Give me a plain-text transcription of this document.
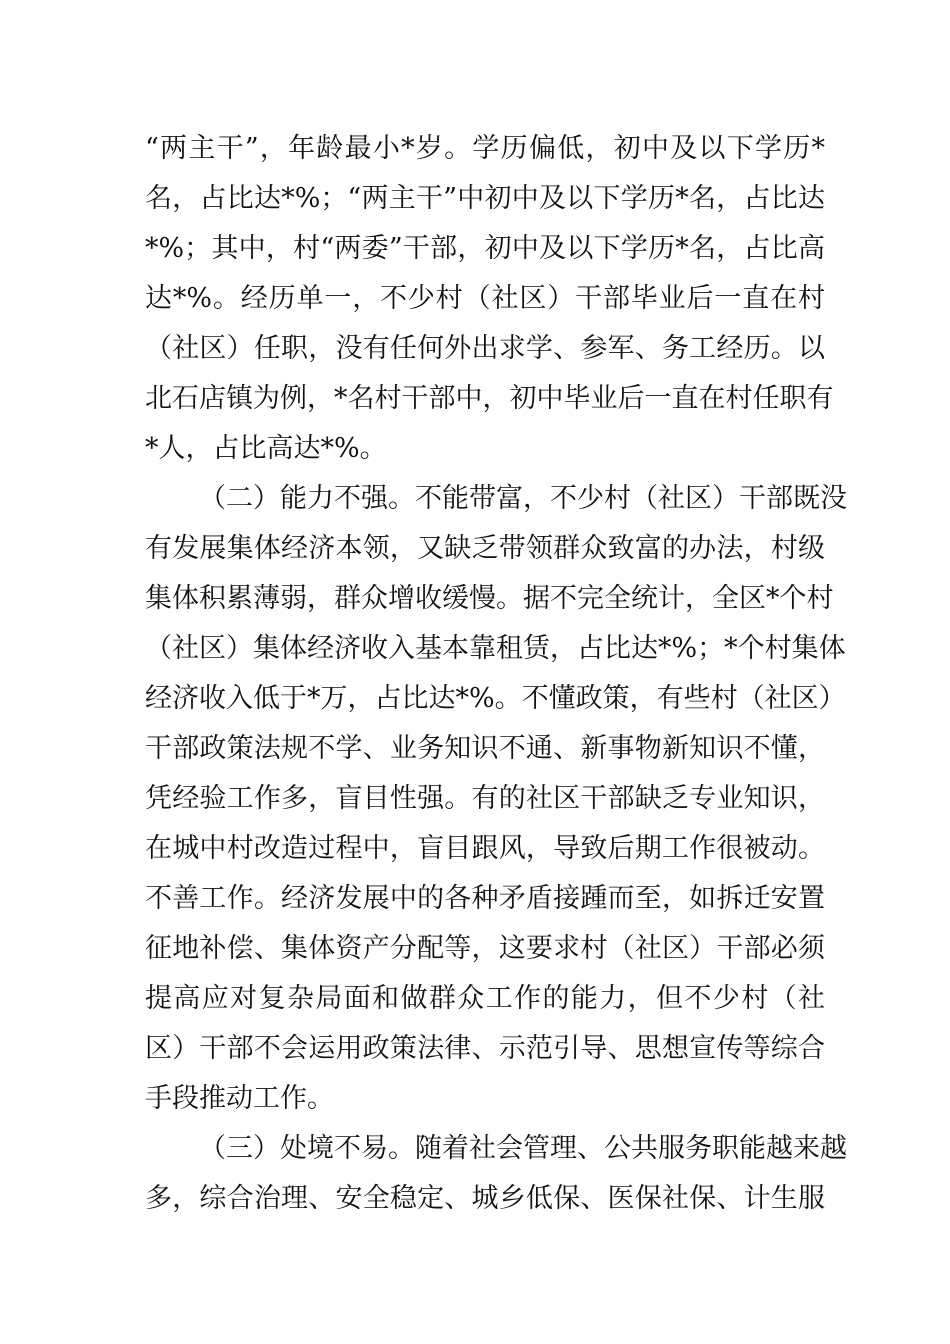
“两主干”，年龄最小*岁。学历偏低，初中及以下学历*
名，占比达*%；“两主干”中初中及以下学历*名，占比达
*%；其中，村“两委”干部，初中及以下学历*名，占比高
达*%。经历单一，不少村（社区）干部毕业后一直在村
（社区）任职，没有任何外出求学、参军、务工经历。以
北石店镇为例，*名村干部中，初中毕业后一直在村任职有
*人，占比高达*%。
（二）能力不强。不能带富，不少村（社区）干部既没
有发展集体经济本领，又缺乏带领群众致富的办法，村级
集体积累薄弱，群众增收缓慢。据不完全统计，全区*个村
（社区）集体经济收入基本靠租赁，占比达*%；*个村集体
经济收入低于*万，占比达*%。不懂政策，有些村（社区）
干部政策法规不学、业务知识不通、新事物新知识不懂，
凭经验工作多，盲目性强。有的社区干部缺乏专业知识，
在城中村改造过程中，盲目跟风，导致后期工作很被动。
不善工作。经济发展中的各种矛盾接踵而至，如拆迁安置
征地补偿、集体资产分配等，这要求村（社区）干部必须
提高应对复杂局面和做群众工作的能力，但不少村（社
区）干部不会运用政策法律、示范引导、思想宣传等综合
手段推动工作。
（三）处境不易。随着社会管理、公共服务职能越来越
多，综合治理、安全稳定、城乡低保、医保社保、计生服
